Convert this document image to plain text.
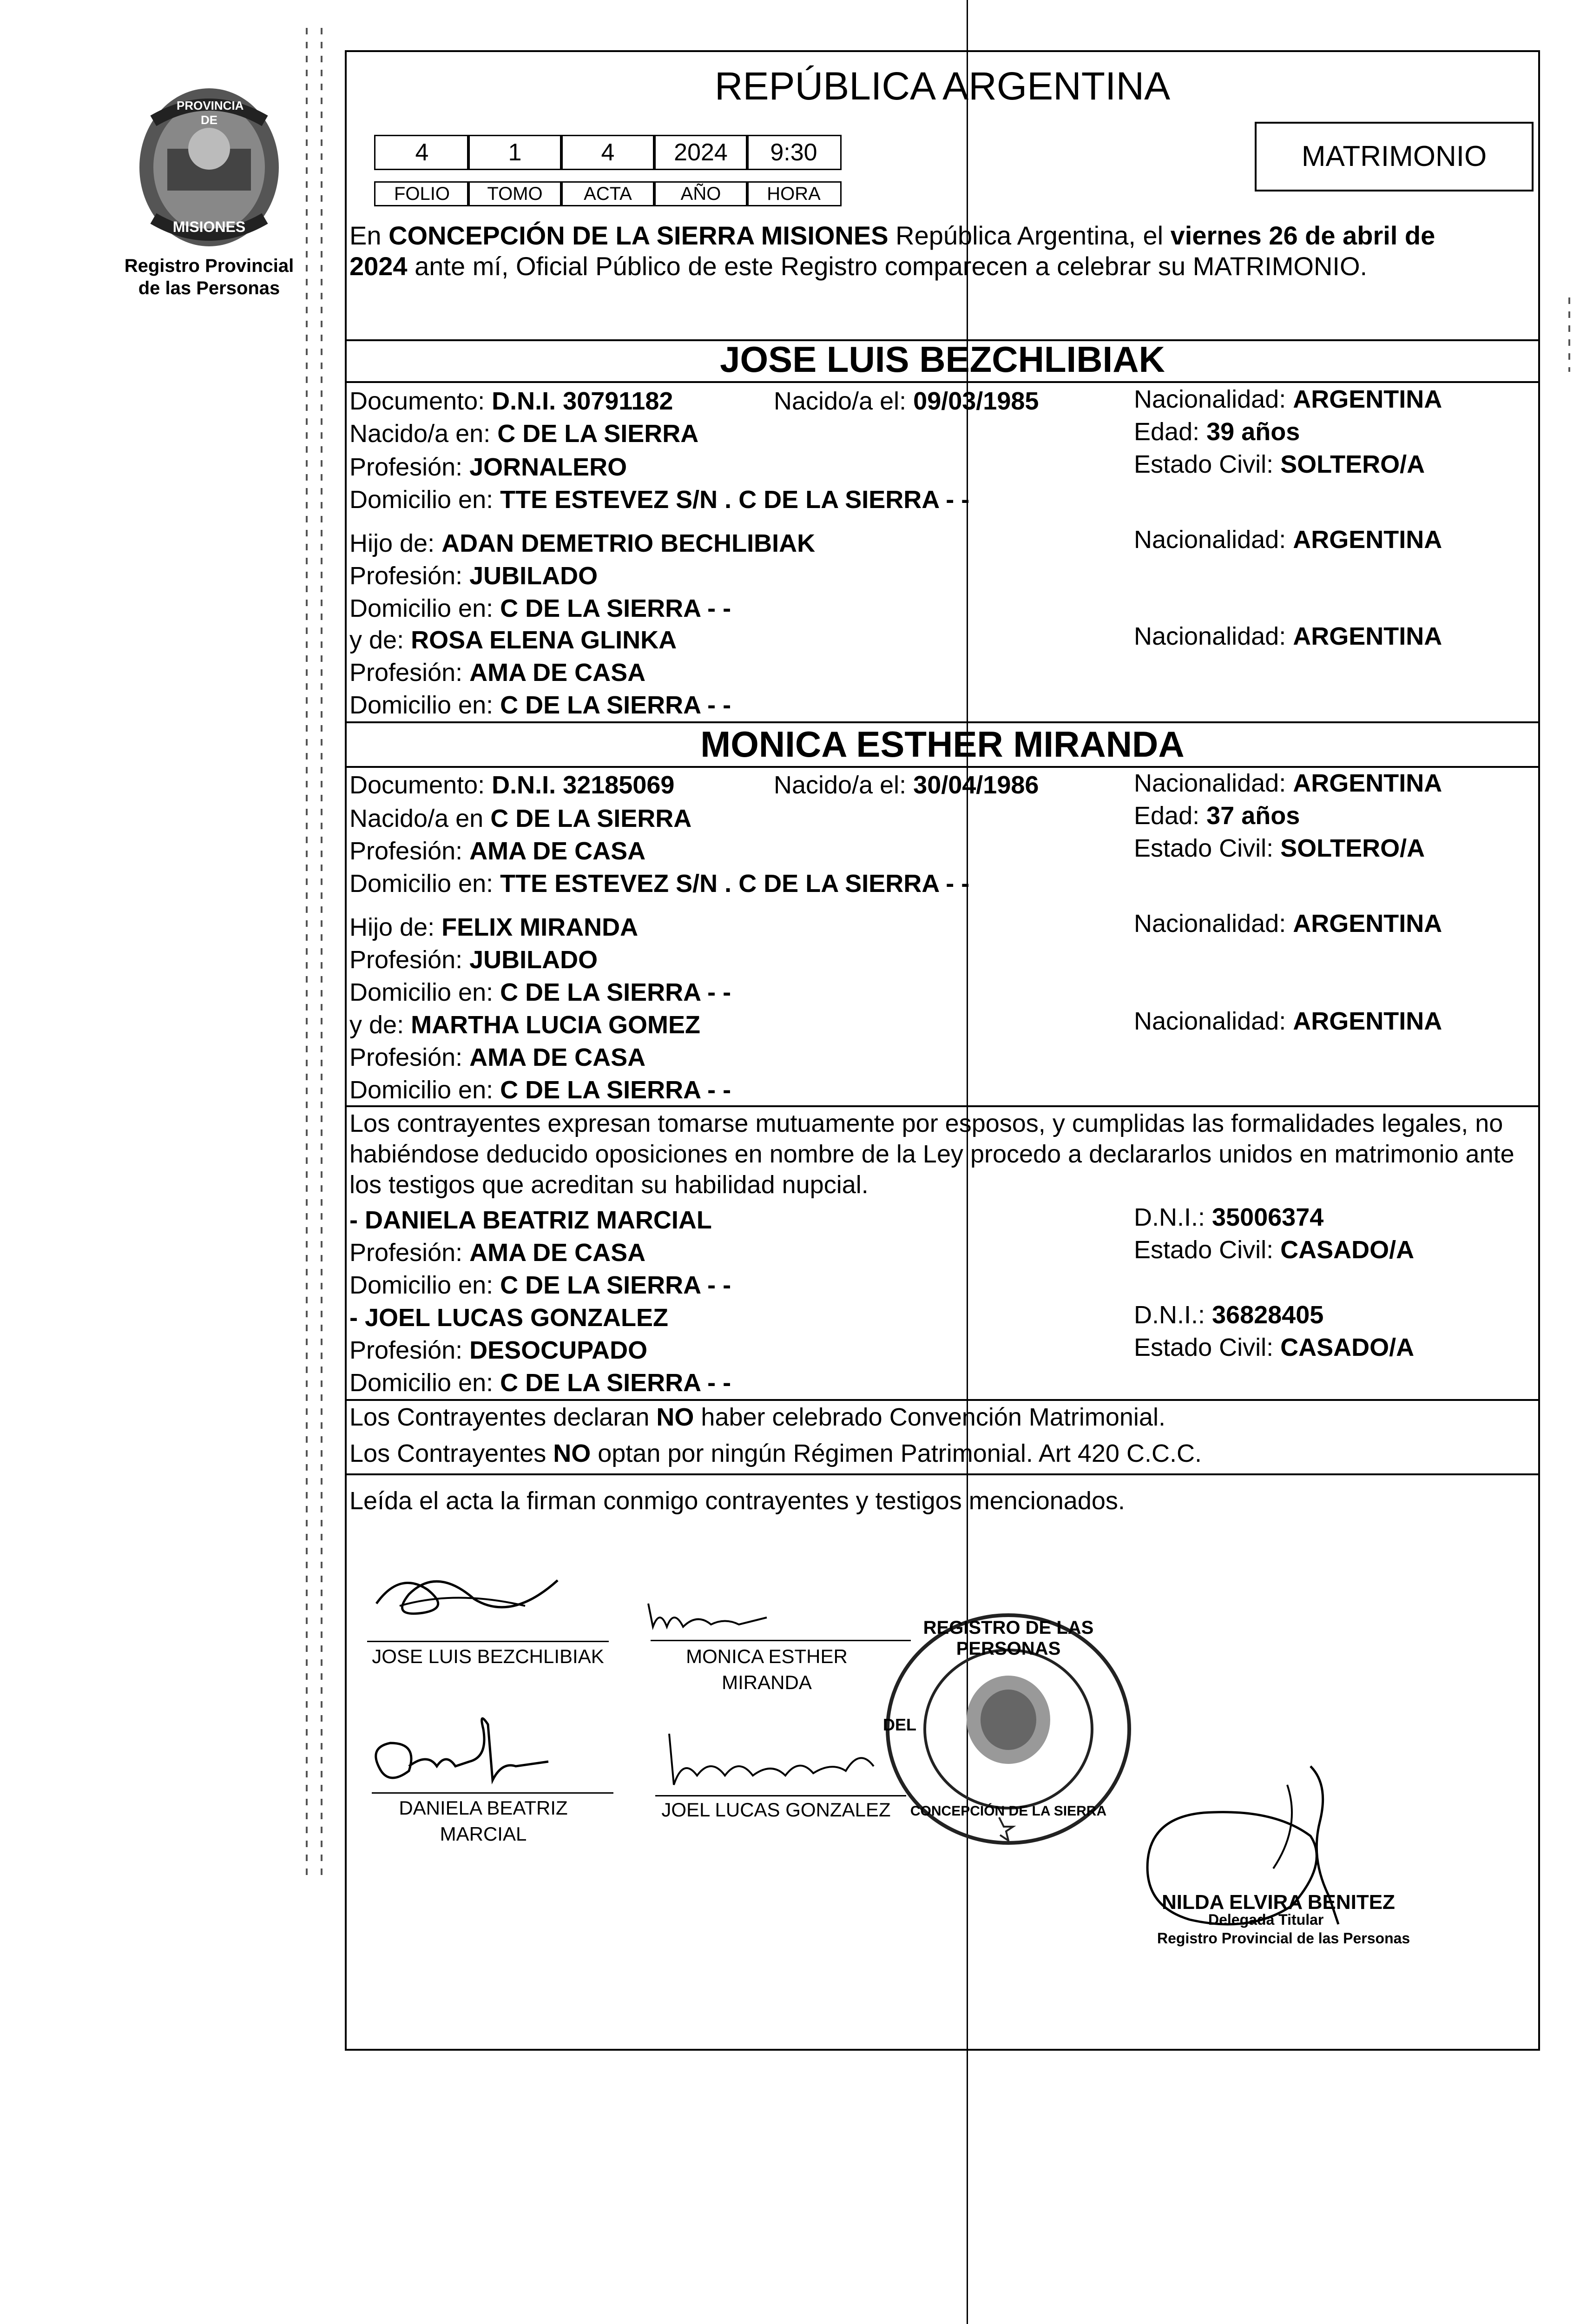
PROVINCIA DE
MISIONES
Registro Provincial
de las Personas
REPÚBLICA ARGENTINA
4	1	4	2024	9:30
FOLIO	TOMO	ACTA	AÑO	HORA
MATRIMONIO
En CONCEPCIÓN DE LA SIERRA MISIONES República Argentina, el viernes 26 de abril de
2024 ante mí, Oficial Público de este Registro comparecen a celebrar su MATRIMONIO.
JOSE LUIS BEZCHLIBIAK
Documento: D.N.I. 30791182	Nacido/a el: 09/03/1985	Nacionalidad: ARGENTINA
Nacido/a en: C DE LA SIERRA	Edad: 39 años
Profesión: JORNALERO	Estado Civil: SOLTERO/A
Domicilio en: TTE ESTEVEZ S/N . C DE LA SIERRA - -
Hijo de: ADAN DEMETRIO BECHLIBIAK	Nacionalidad: ARGENTINA
Profesión: JUBILADO
Domicilio en: C DE LA SIERRA - -
y de: ROSA ELENA GLINKA	Nacionalidad: ARGENTINA
Profesión: AMA DE CASA
Domicilio en: C DE LA SIERRA - -
MONICA ESTHER MIRANDA
Documento: D.N.I. 32185069	Nacido/a el: 30/04/1986	Nacionalidad: ARGENTINA
Nacido/a en C DE LA SIERRA	Edad: 37 años
Profesión: AMA DE CASA	Estado Civil: SOLTERO/A
Domicilio en: TTE ESTEVEZ S/N . C DE LA SIERRA - -
Hijo de: FELIX MIRANDA	Nacionalidad: ARGENTINA
Profesión: JUBILADO
Domicilio en: C DE LA SIERRA - -
y de: MARTHA LUCIA GOMEZ	Nacionalidad: ARGENTINA
Profesión: AMA DE CASA
Domicilio en: C DE LA SIERRA - -
Los contrayentes expresan tomarse mutuamente por esposos, y cumplidas las formalidades legales, no
habiéndose deducido oposiciones en nombre de la Ley procedo a declararlos unidos en matrimonio ante
los testigos que acreditan su habilidad nupcial.
- DANIELA BEATRIZ MARCIAL	D.N.I.: 35006374
Profesión: AMA DE CASA	Estado Civil: CASADO/A
Domicilio en: C DE LA SIERRA - -
- JOEL LUCAS GONZALEZ	D.N.I.: 36828405
Profesión: DESOCUPADO	Estado Civil: CASADO/A
Domicilio en: C DE LA SIERRA - -
Los Contrayentes declaran NO haber celebrado Convención Matrimonial.
Los Contrayentes NO optan por ningún Régimen Patrimonial. Art 420 C.C.C.
Leída el acta la firman conmigo contrayentes y testigos mencionados.
JOSE LUIS BEZCHLIBIAK	MONICA ESTHER
MIRANDA
DANIELA BEATRIZ
MARCIAL
JOEL LUCAS GONZALEZ
REGISTRO DE LAS PERSONAS
DEL
CONCEPCIÓN DE LA SIERRA
NILDA ELVIRA BENITEZ
Delegada Titular
Registro Provincial de las Personas
